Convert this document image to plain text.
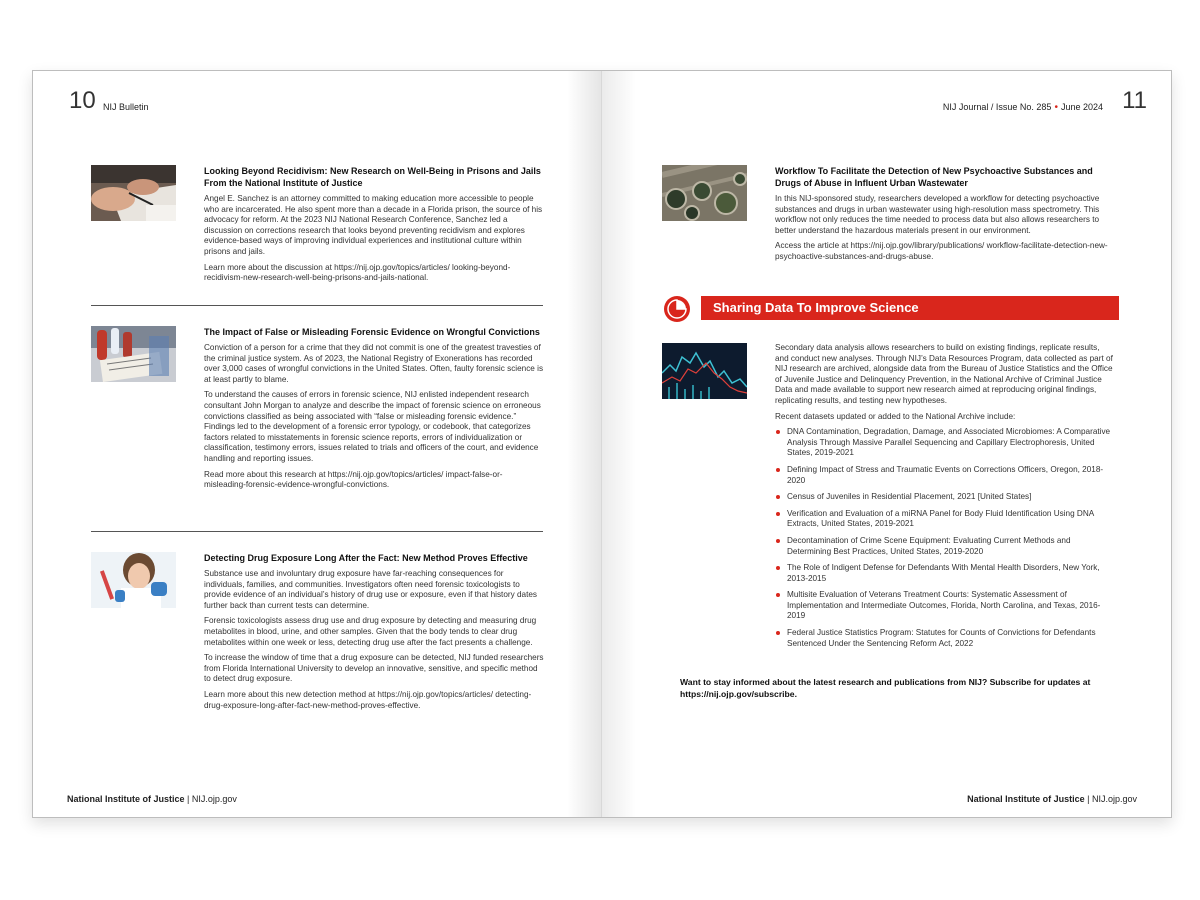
10 NIJ Bulletin
Looking Beyond Recidivism: New Research on Well-Being in Prisons and Jails From the National Institute of Justice

Angel E. Sanchez is an attorney committed to making education more accessible to people who are incarcerated. He also spent more than a decade in a Florida prison, the source of his advocacy for reform. At the 2023 NIJ National Research Conference, Sanchez led a discussion on corrections research that looks beyond preventing recidivism and explores evidence-based ways of improving individual experiences and institutional culture within prisons and jails.

Learn more about the discussion at https://nij.ojp.gov/topics/articles/ looking-beyond-recidivism-new-research-well-being-prisons-and-jails-national.

The Impact of False or Misleading Forensic Evidence on Wrongful Convictions

Conviction of a person for a crime that they did not commit is one of the greatest travesties of the criminal justice system. As of 2023, the National Registry of Exonerations has recorded over 3,000 cases of wrongful convictions in the United States. Often, faulty forensic science is at least partly to blame.

To understand the causes of errors in forensic science, NIJ enlisted independent research consultant John Morgan to analyze and describe the impact of forensic science on erroneous convictions classified as being associated with “false or misleading forensic evidence.” Findings led to the development of a forensic error typology, or codebook, that categorizes factors related to misstatements in forensic science reports, errors of individualization or classification, testimony errors, issues related to trials and officers of the court, and evidence handling and reporting issues.

Read more about this research at https://nij.ojp.gov/topics/articles/ impact-false-or-misleading-forensic-evidence-wrongful-convictions.

Detecting Drug Exposure Long After the Fact: New Method Proves Effective

Substance use and involuntary drug exposure have far-reaching consequences for individuals, families, and communities. Investigators often need forensic toxicologists to provide evidence of an individual’s history of drug use or exposure, even if that history dates further back than current tests can determine.

Forensic toxicologists assess drug use and drug exposure by detecting and measuring drug metabolites in blood, urine, and other samples. Given that the body tends to clear drug metabolites within one week or less, detecting drug use after the fact presents a challenge.

To increase the window of time that a drug exposure can be detected, NIJ funded researchers from Florida International University to develop an innovative, sensitive, and specific method to detect drug exposure.

Learn more about this new detection method at https://nij.ojp.gov/topics/articles/ detecting-drug-exposure-long-after-fact-new-method-proves-effective.

National Institute of Justice | NIJ.ojp.gov
NIJ Journal / Issue No. 285 • June 2024 11
Workflow To Facilitate the Detection of New Psychoactive Substances and Drugs of Abuse in Influent Urban Wastewater

In this NIJ-sponsored study, researchers developed a workflow for detecting psychoactive substances and drugs in urban wastewater using high-resolution mass spectrometry. This workflow not only reduces the time needed to process data but also allows researchers to better understand the hazardous materials present in our environment.

Access the article at https://nij.ojp.gov/library/publications/ workflow-facilitate-detection-new-psychoactive-substances-and-drugs-abuse.

Sharing Data To Improve Science

Secondary data analysis allows researchers to build on existing findings, replicate results, and conduct new analyses. Through NIJ’s Data Resources Program, data collected as part of NIJ research are archived, alongside data from the Bureau of Justice Statistics and the Office of Juvenile Justice and Delinquency Prevention, in the National Archive of Criminal Justice Data and made available to support new research aimed at reproducing original findings, replicating results, and testing new hypotheses.

Recent datasets updated or added to the National Archive include:

DNA Contamination, Degradation, Damage, and Associated Microbiomes: A Comparative Analysis Through Massive Parallel Sequencing and Capillary Electrophoresis, United States, 2019-2021
Defining Impact of Stress and Traumatic Events on Corrections Officers, Oregon, 2018-2020
Census of Juveniles in Residential Placement, 2021 [United States]
Verification and Evaluation of a miRNA Panel for Body Fluid Identification Using DNA Extracts, United States, 2019-2021
Decontamination of Crime Scene Equipment: Evaluating Current Methods and Determining Best Practices, United States, 2019-2020
The Role of Indigent Defense for Defendants With Mental Health Disorders, New York, 2013-2015
Multisite Evaluation of Veterans Treatment Courts: Systematic Assessment of Implementation and Intermediate Outcomes, Florida, North Carolina, and Texas, 2016-2019
Federal Justice Statistics Program: Statutes for Counts of Convictions for Defendants Sentenced Under the Sentencing Reform Act, 2022
Want to stay informed about the latest research and publications from NIJ? Subscribe for updates at https://nij.ojp.gov/subscribe.
National Institute of Justice | NIJ.ojp.gov
